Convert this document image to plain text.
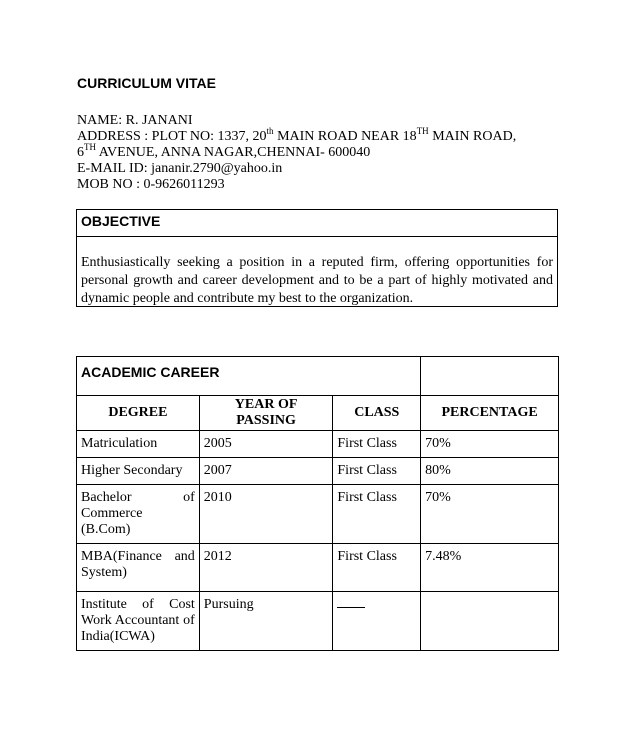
CURRICULUM VITAE
NAME: R. JANANI
ADDRESS : PLOT NO: 1337, 20th MAIN ROAD NEAR 18TH MAIN ROAD,
6TH AVENUE, ANNA NAGAR,CHENNAI- 600040
E-MAIL ID: jananir.2790@yahoo.in
MOB NO : 0-9626011293
OBJECTIVE
Enthusiastically seeking a position in a reputed firm, offering opportunities for personal growth and career development and to be a part of highly motivated and dynamic people and contribute my best to the organization.
ACADEMIC CAREER			
DEGREE	YEAR OF PASSING	CLASS	PERCENTAGE
Matriculation	2005	First Class	70%
Higher Secondary	2007	First Class	80%
Bachelor of Commerce (B.Com)	2010	First Class	70%
MBA(Finance and System)	2012	First Class	7.48%
Institute of Cost Work Accountant of India(ICWA)	Pursuing		
